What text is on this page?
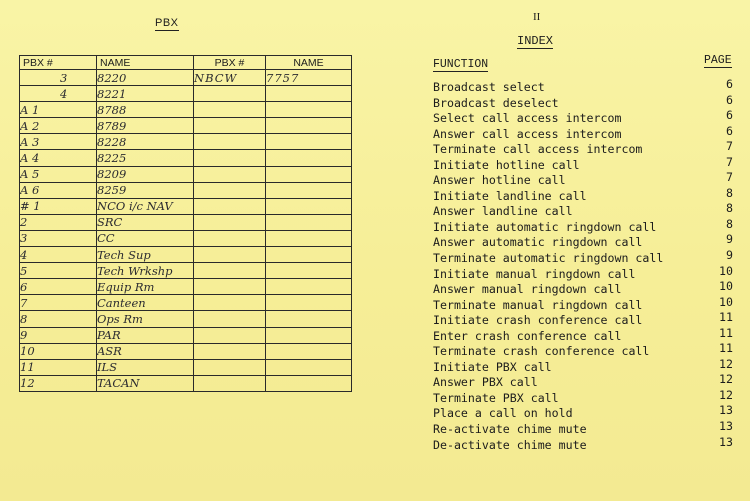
PBX
PBX #	NAME	PBX #	NAME
3	8220	NBCW	7757
4	8221		
A 1	8788		
A 2	8789		
A 3	8228		
A 4	8225		
A 5	8209		
A 6	8259		
# 1	NCO i/c NAV		
2	SRC		
3	CC		
4	Tech Sup		
5	Tech Wrkshp		
6	Equip Rm		
7	Canteen		
8	Ops Rm		
9	PAR		
10	ASR		
11	ILS		
12	TACAN		
II
INDEX
FUNCTION	PAGE
Broadcast select	6
Broadcast deselect	6
Select call access intercom	6
Answer call access intercom	6
Terminate call access intercom	7
Initiate hotline call	7
Answer hotline call	7
Initiate landline call	8
Answer landline call	8
Initiate automatic ringdown call	8
Answer automatic ringdown call	9
Terminate automatic ringdown call	9
Initiate manual ringdown call	10
Answer manual ringdown call	10
Terminate manual ringdown call	10
Initiate crash conference call	11
Enter crash conference call	11
Terminate crash conference call	11
Initiate PBX call	12
Answer PBX call	12
Terminate PBX call	12
Place a call on hold	13
Re-activate chime mute	13
De-activate chime mute	13
